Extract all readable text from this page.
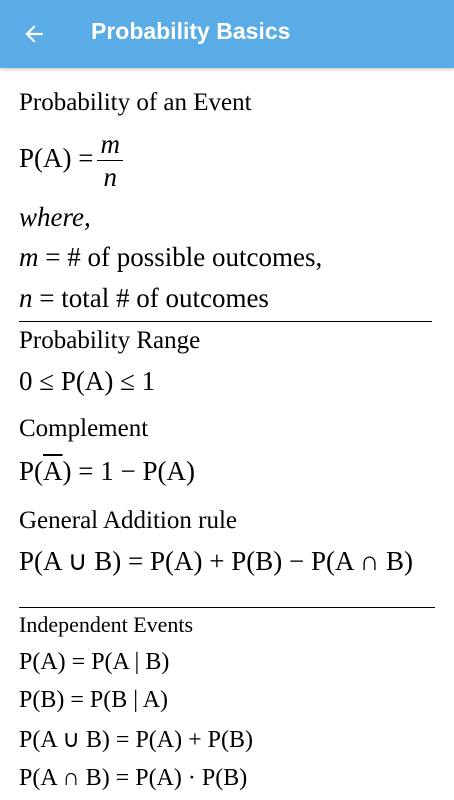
Probability Basics
Probability of an Event
$P(A) = \frac{m}{n}$
where,
m = # of possible outcomes,
n = total # of outcomes
Probability Range
0 ≤ P(A) ≤ 1
Complement
$P(\overline{A}) = 1 - P(A)$
General Addition rule
P(A ∪ B) = P(A) + P(B) − P(A ∩ B)
Independent Events
P(A) = P(A | B)
P(B) = P(B | A)
P(A ∪ B) = P(A) + P(B)
P(A ∩ B) = P(A) · P(B)
